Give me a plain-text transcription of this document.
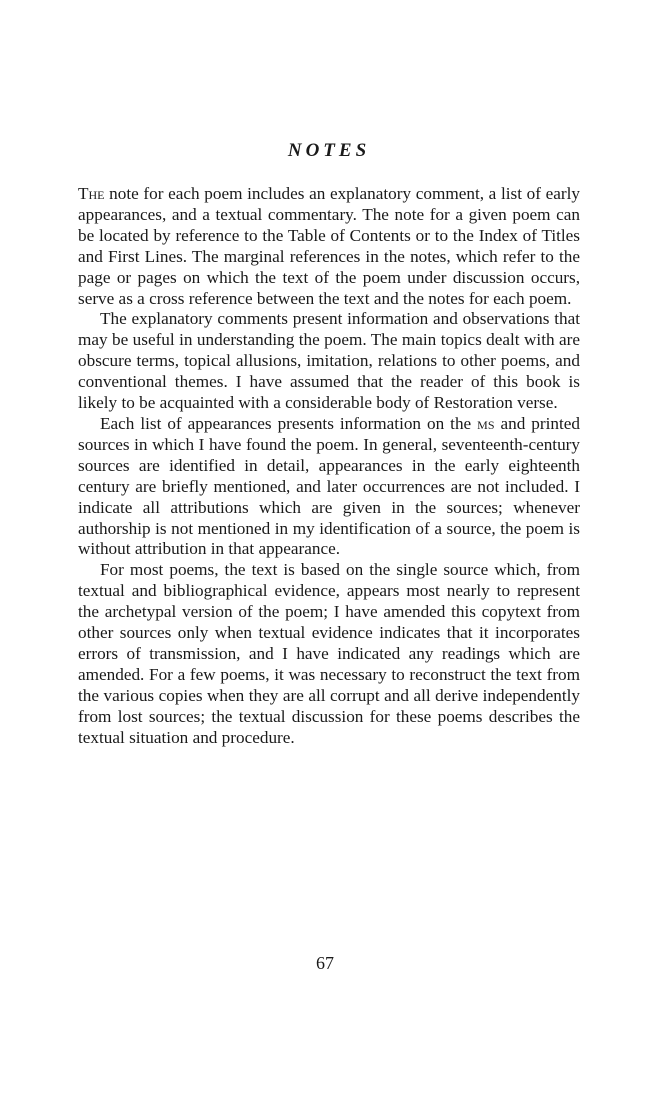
NOTES

The note for each poem includes an explanatory comment, a list of early appearances, and a textual commentary. The note for a given poem can be located by reference to the Table of Contents or to the Index of Titles and First Lines. The marginal references in the notes, which refer to the page or pages on which the text of the poem under discussion occurs, serve as a cross reference between the text and the notes for each poem.

The explanatory comments present information and observations that may be useful in understanding the poem. The main topics dealt with are obscure terms, topical allusions, imitation, relations to other poems, and conventional themes. I have assumed that the reader of this book is likely to be acquainted with a considerable body of Restoration verse.

Each list of appearances presents information on the ms and printed sources in which I have found the poem. In general, seventeenth-century sources are identified in detail, appearances in the early eighteenth century are briefly mentioned, and later occurrences are not included. I indicate all attributions which are given in the sources; whenever authorship is not mentioned in my identification of a source, the poem is without attribution in that appearance.

For most poems, the text is based on the single source which, from textual and bibliographical evidence, appears most nearly to represent the archetypal version of the poem; I have amended this copytext from other sources only when textual evidence indicates that it incorporates errors of transmission, and I have indicated any readings which are amended. For a few poems, it was necessary to reconstruct the text from the various copies when they are all corrupt and all derive independently from lost sources; the textual discussion for these poems describes the textual situation and procedure.

67
